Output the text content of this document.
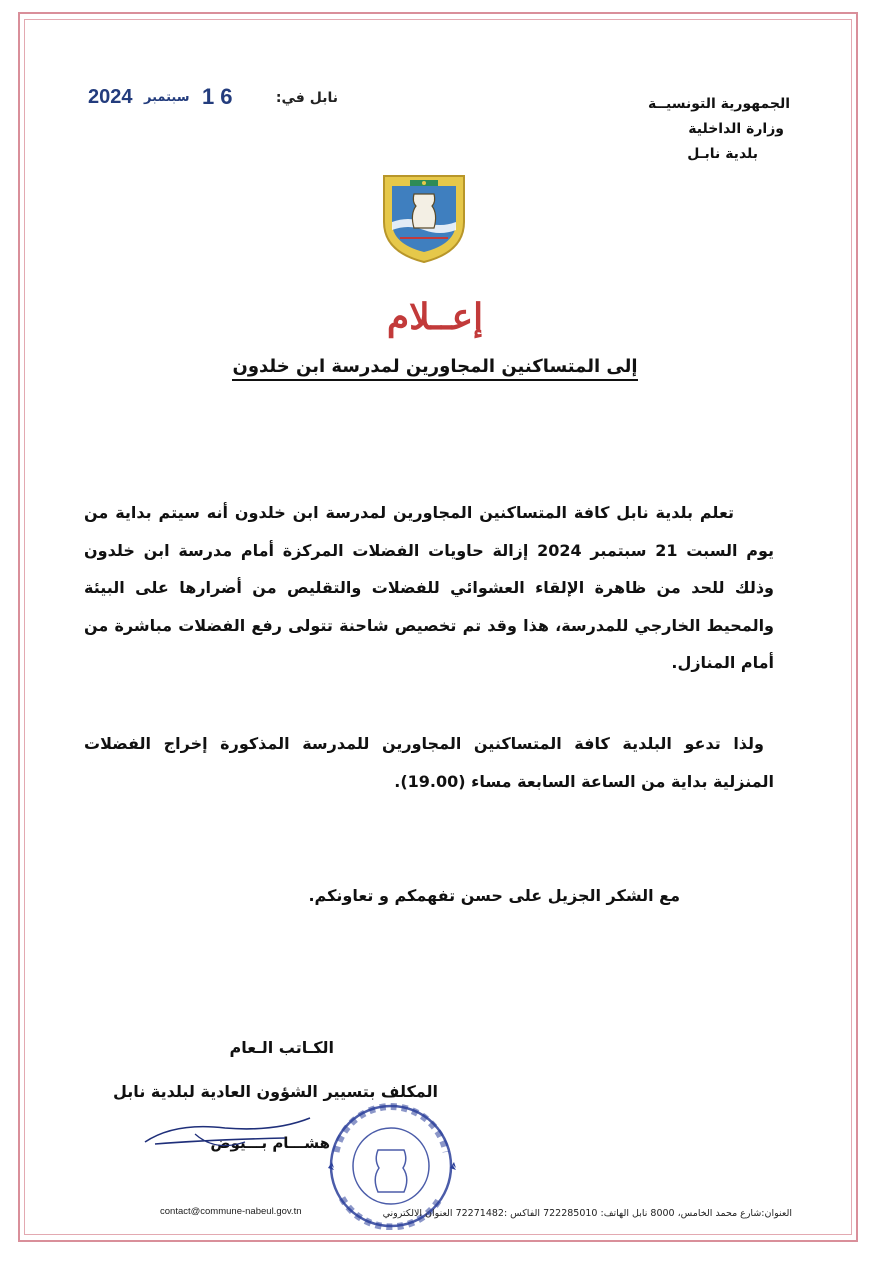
الجمهورية التونسيــة
وزارة الداخلية
بلدية نابـل
نابل في:
16
سبتمبر
2024
إعــلام
إلى المتساكنين المجاورين لمدرسة ابن خلدون
تعلم بلدية نابل كافة المتساكنين المجاورين لمدرسة ابن خلدون أنه سيتم بداية من يوم السبت 21 سبتمبر 2024 إزالة حاويات الفضلات المركزة أمام مدرسة ابن خلدون وذلك للحد من ظاهرة الإلقاء العشوائي للفضلات والتقليص من أضرارها على البيئة والمحيط الخارجي للمدرسة، هذا وقد تم تخصيص شاحنة تتولى رفع الفضلات مباشرة من أمام المنازل.
ولذا تدعو البلدية كافة المتساكنين المجاورين للمدرسة المذكورة إخراج الفضلات المنزلية بداية من الساعة السابعة مساء (19.00).
مع الشكر الجزيل على حسن تفهمكم و تعاونكم.
الكـاتب الـعام
المكلف بتسيير الشؤون العادية لبلدية نابل
هشـــام بـــيوض
contact@commune-nabeul.gov.tn	العنوان:شارع محمد الخامس، 8000 نابل الهاتف: 722285010 الفاكس :72271482 العنوان الالكتروني
